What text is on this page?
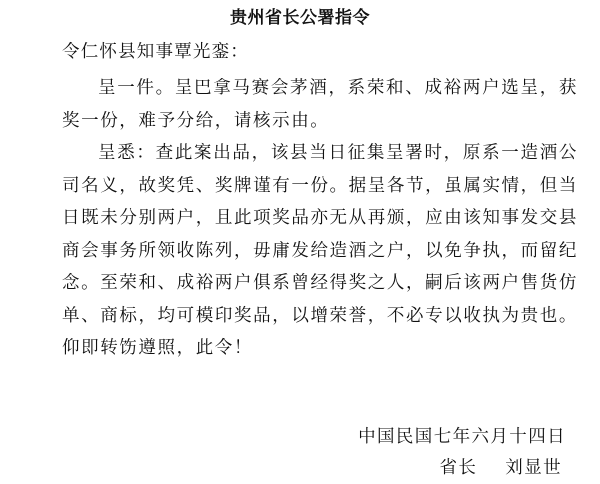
贵州省长公署指令
令仁怀县知事覃光銮：

呈一件。呈巴拿马赛会茅酒，系荣和、成裕两户选呈，获奖一份，难予分给，请核示由。

呈悉：查此案出品，该县当日征集呈署时，原系一造酒公司名义，故奖凭、奖牌谨有一份。据呈各节，虽属实情，但当日既未分别两户，且此项奖品亦无从再颁，应由该知事发交县商会事务所领收陈列，毋庸发给造酒之户，以免争执，而留纪念。至荣和、成裕两户俱系曾经得奖之人，嗣后该两户售货仿单、商标，均可模印奖品，以增荣誉，不必专以收执为贵也。仰即转饬遵照，此令！

中国民国七年六月十四日
省长 刘显世
